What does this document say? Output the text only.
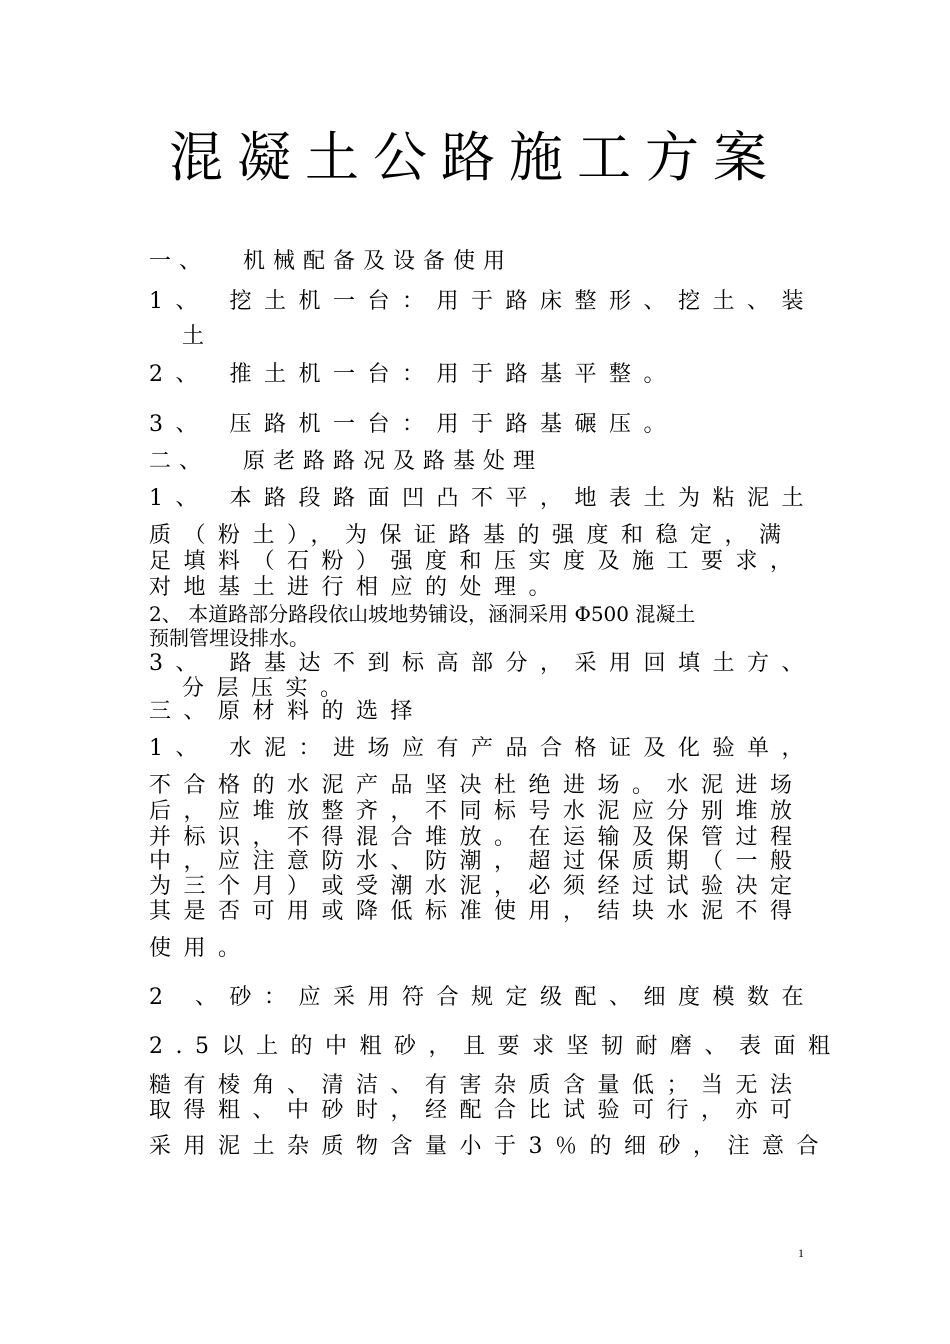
混凝土公路施工方案
一、　 机械配备及设备使用
1、 挖土机一台：用于路床整形、挖土、装
土
2、 推土机一台：用于路基平整。
3、 压路机一台：用于路基碾压。
二、　 原老路路况及路基处理
1、 本路段路面凹凸不平，地表土为粘泥土
质（粉土），为保证路基的强度和稳定，满
足填料（石粉）强度和压实度及施工要求，
对地基土进行相应的处理。
2、 本道路部分路段依山坡地势铺设，涵洞采用 Φ500 混凝土
预制管埋设排水。
3、 路基达不到标高部分，采用回填土方、
分层压实。
三、原材料的选择
1、 水泥：进场应有产品合格证及化验单，
不合格的水泥产品坚决杜绝进场。水泥进场
后，应堆放整齐，不同标号水泥应分别堆放
并标识，不得混合堆放。在运输及保管过程
中，应注意防水、防潮，超过保质期（一般
为三个月）或受潮水泥，必须经过试验决定
其是否可用或降低标准使用，结块水泥不得
使用。
2 、砂：应采用符合规定级配、细度模数在
2.5以上的中粗砂，且要求坚韧耐磨、表面粗
糙有棱角、清洁、有害杂质含量低；当无法
取得粗、中砂时，经配合比试验可行，亦可
采用泥土杂质物含量小于3％的细砂，注意合
1
